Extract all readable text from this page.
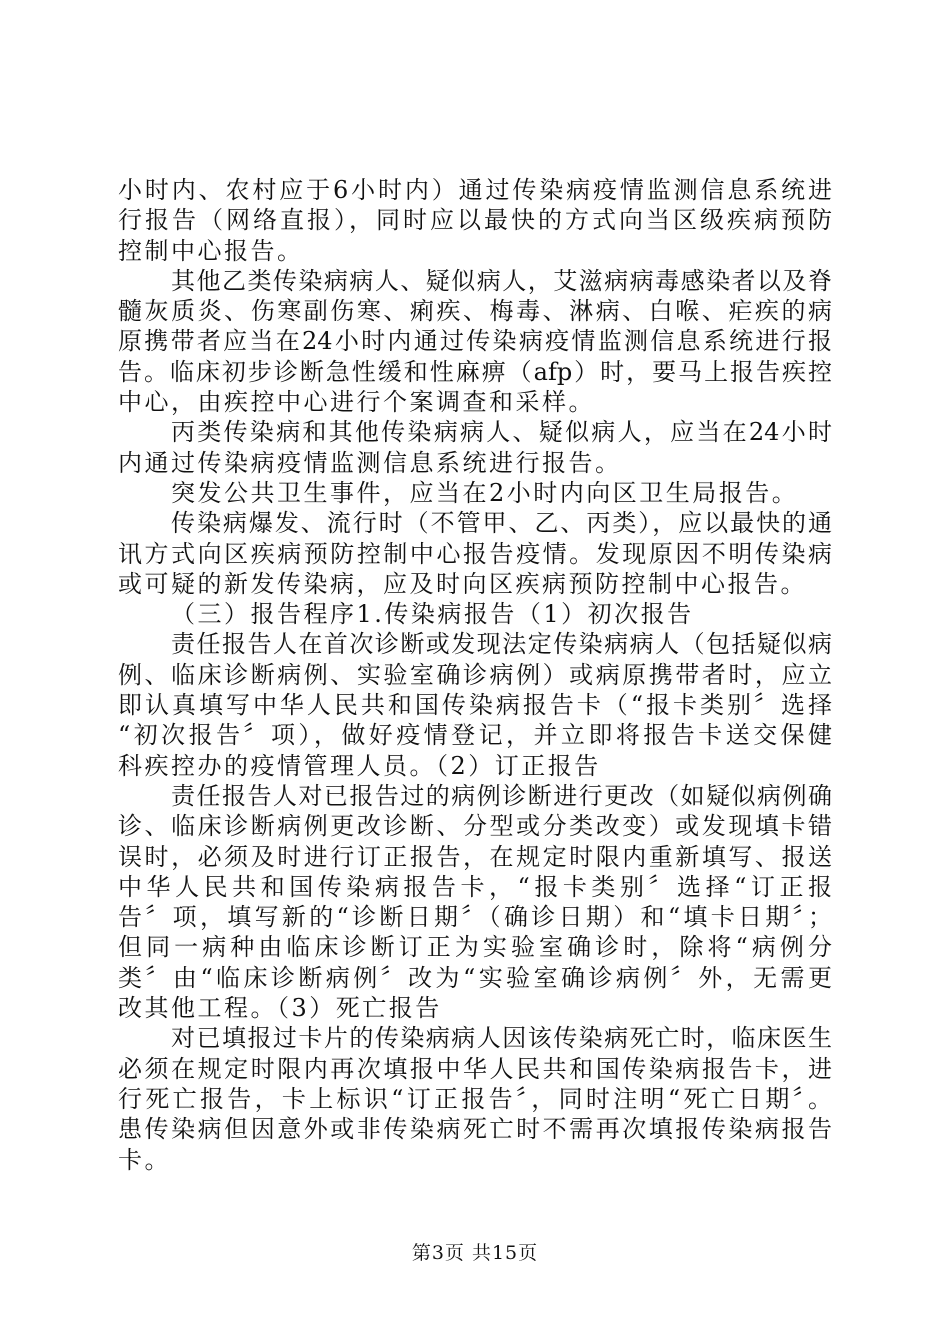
小时内、农村应于6小时内）通过传染病疫情监测信息系统进
行报告（网络直报），同时应以最快的方式向当区级疾病预防
控制中心报告。
其他乙类传染病病人、疑似病人，艾滋病病毒感染者以及脊
髓灰质炎、伤寒副伤寒、痢疾、梅毒、淋病、白喉、疟疾的病
原携带者应当在24小时内通过传染病疫情监测信息系统进行报
告。临床初步诊断急性缓和性麻痹（afp）时，要马上报告疾控
中心，由疾控中心进行个案调查和采样。
丙类传染病和其他传染病病人、疑似病人，应当在24小时
内通过传染病疫情监测信息系统进行报告。
突发公共卫生事件，应当在2小时内向区卫生局报告。
传染病爆发、流行时（不管甲、乙、丙类），应以最快的通
讯方式向区疾病预防控制中心报告疫情。发现原因不明传染病
或可疑的新发传染病，应及时向区疾病预防控制中心报告。
（三）报告程序1.传染病报告（1）初次报告
责任报告人在首次诊断或发现法定传染病病人（包括疑似病
例、临床诊断病例、实验室确诊病例）或病原携带者时，应立
即认真填写中华人民共和国传染病报告卡（“报卡类别〞选择
“初次报告〞项），做好疫情登记，并立即将报告卡送交保健
科疾控办的疫情管理人员。（2）订正报告
责任报告人对已报告过的病例诊断进行更改（如疑似病例确
诊、临床诊断病例更改诊断、分型或分类改变）或发现填卡错
误时，必须及时进行订正报告，在规定时限内重新填写、报送
中华人民共和国传染病报告卡，“报卡类别〞选择“订正报
告〞项，填写新的“诊断日期〞（确诊日期）和“填卡日期〞；
但同一病种由临床诊断订正为实验室确诊时，除将“病例分
类〞由“临床诊断病例〞改为“实验室确诊病例〞外，无需更
改其他工程。（3）死亡报告
对已填报过卡片的传染病病人因该传染病死亡时，临床医生
必须在规定时限内再次填报中华人民共和国传染病报告卡，进
行死亡报告，卡上标识“订正报告〞，同时注明“死亡日期〞。
患传染病但因意外或非传染病死亡时不需再次填报传染病报告
卡。
第3页 共15页
